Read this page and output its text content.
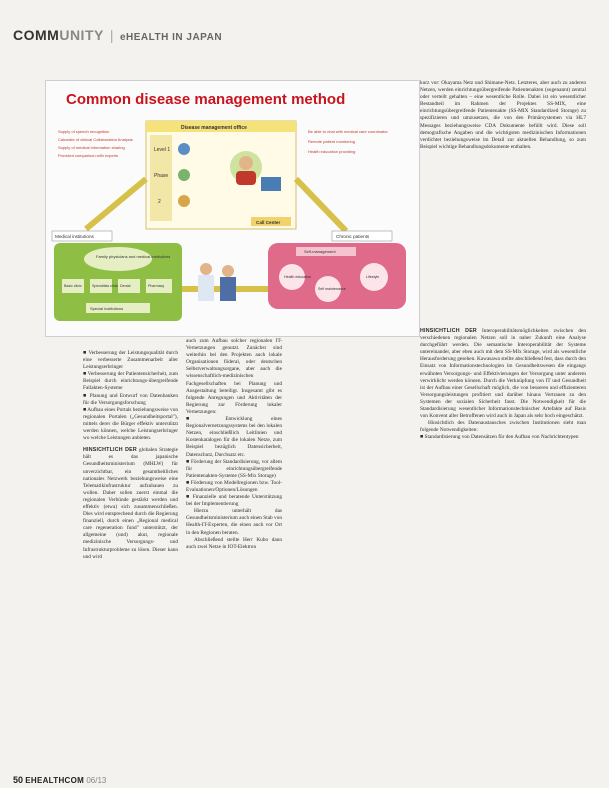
COMMUNITY | eHEALTH IN JAPAN
Common disease management method
Supply of speech recognition
Calculate of clinical Collaboration Analysis
Supply of medical information sharing
Provided comparison with experts
Be able to chat with medical care coordinator
Remote patient monitoring
Health education providing
Disease management office
Level 1
Phase
2
Call Center
Medical institutions
Family physicians and medical institutions
Basic clinic	Specialists clinic Dental	Pharmacy
Special institutions
Chronic patients
Self-management
Health education
Self maintenance
Lifestyle

■ Verbesserung der Leistungsqualität durch eine verbesserte Zusammenarbeit aller Leistungserbringer

■ Verbesserung der Patientensicherheit, zum Beispiel durch einrichtungs-übergreifende Fallakten-Systeme

■ Planung und Entwurf von Datenbanken für die Versorgungsforschung

■ Aufbau eines Portals beziehungsweise von regionalen Portalen („Gesundheitsportal"), mittels derer die Bürger effektiv unterstützt werden können, welche Leistungserbringer wo welche Leistungen anbieten.

HINSICHTLICH DER globalen Strategie hält es das japanische Gesundheitsministerium (MHLW) für unverzichtbar, ein gesamtheitliches nationales Netzwerk beziehungsweise eine Telematikinfrastruktur aufzubauen zu wollen. Daher sollen zuerst einmal die regionalen Verbünde gestärkt werden und effektiv (etwa) sich zusammenschließen. Dies wird entsprechend durch die Regierung finanziell, durch einen „Regional medical care regeneration fund" unterstützt, der allgemeine (und) akut, regionale medizinische Versorgungs- und Infrastrukturprobleme zu lösen. Dieser kann und wird

auch zum Aufbau solcher regionalen IT-Vernetzungen genutzt. Zunächst sind weiterhin bei den Projekten auch lokale Organisationen föderal, oder deutschen Selbstverwaltungsorgane, aber auch die wissenschaftlich-medizinischen Fachgesellschaften bei Planung und Ausgestaltung beteiligt. Insgesamt gibt es folgende Anregungen und Aktivitäten der Regierung zur Förderung lokaler Vernetzungen:

■ Entwicklung eines Regionalvernetzungssystems bei den lokalen Netzen, einschließlich Leitlinien und Kostenkatalogen für die lokalen Netze, zum Beispiel bezüglich Datensicherheit, Datenschutz, Durchsatz etc.

■ Förderung der Standardisierung, vor allem für einrichtungsübergreifende Patientenakten-Systeme (SS-Mix Storage)

■ Förderung von Modellregionen bzw. Tool-Evaluationen/Optionen/Lösungen

■ Finanzielle und beratende Unterstützung bei der Implementierung

Hierzu unterhält das Gesundheitsministerium auch einen Stab von Health-IT-Experten, die einen auch vor Ort in den Regionen beraten.

Abschließend stellte Herr Kubo dann auch zwei Netze in IOT-Elektron

kurz vor: Okayama Netz und Shimane-Netz. Letzteres, aber auch zu anderen Netzen, werden einrichtungsübergreifende Patientenakten (sogenannt) zentral oder verteilt gehalten – eine wesentliche Rolle. Dabei ist ein wesentlicher Bestandteil im Rahmen der Projektes SS-MIX, eine einrichtungsübergreifende Patientenakte (SS-MIX Standardized Storage) zu spezifizieren und umzusetzen, die von den Primärsystemen via HL7 Messages beziehungsweise CDA Dokumente befüllt wird. Diese soll demografische Angaben und die wichtigsten medizinischen Informationen verdichtet beziehungsweise im Detail zur aktuellen Behandlung, so zum Beispiel wichtige Behandlungsdokumente enthalten.

HINSICHTLICH DER Interoperabilitätsmöglichkeiten zwischen den verschiedenen regionalen Netzen soll in naher Zukunft eine Analyse durchgeführt werden. Die semantische Interoperabilität der Systeme untereinander, aber eben auch mit dem SS-MIx Storage, wird als wesentliche Herausforderung gesehen. Kawasawa stellte abschließend fest, dass durch den Einsatz von Informationstechnologien im Gesundheitswesen die eingangs erwähnten Versorgungs- und Effektivierungen der Versorgung unter anderem verwirklicht werden können. Durch die Verknüpfung von IT und Gesundheit ist der Aufbau einer Gesellschaft möglich, die von besseren und effizienteren Versorgungsleistungen profitiert und darüber hinaus Vertrauen zu den Systemen der sozialen Sicherheit fasst. Die Notwendigkeit für die Standardisierung wesentlicher Informationstechnischer Artefakte auf Basis von Konvent aller Betroffenen wird auch in Japan als sehr hoch eingeschätzt.

Hinsichtlich des Datenaustausches zwischen Institutionen sieht man folgende Notwendigkeiten:

■ Standardisierung von Datensätzen für den Aufbau von Nachrichtentypen

50 EHEALTHCOM 06/13
